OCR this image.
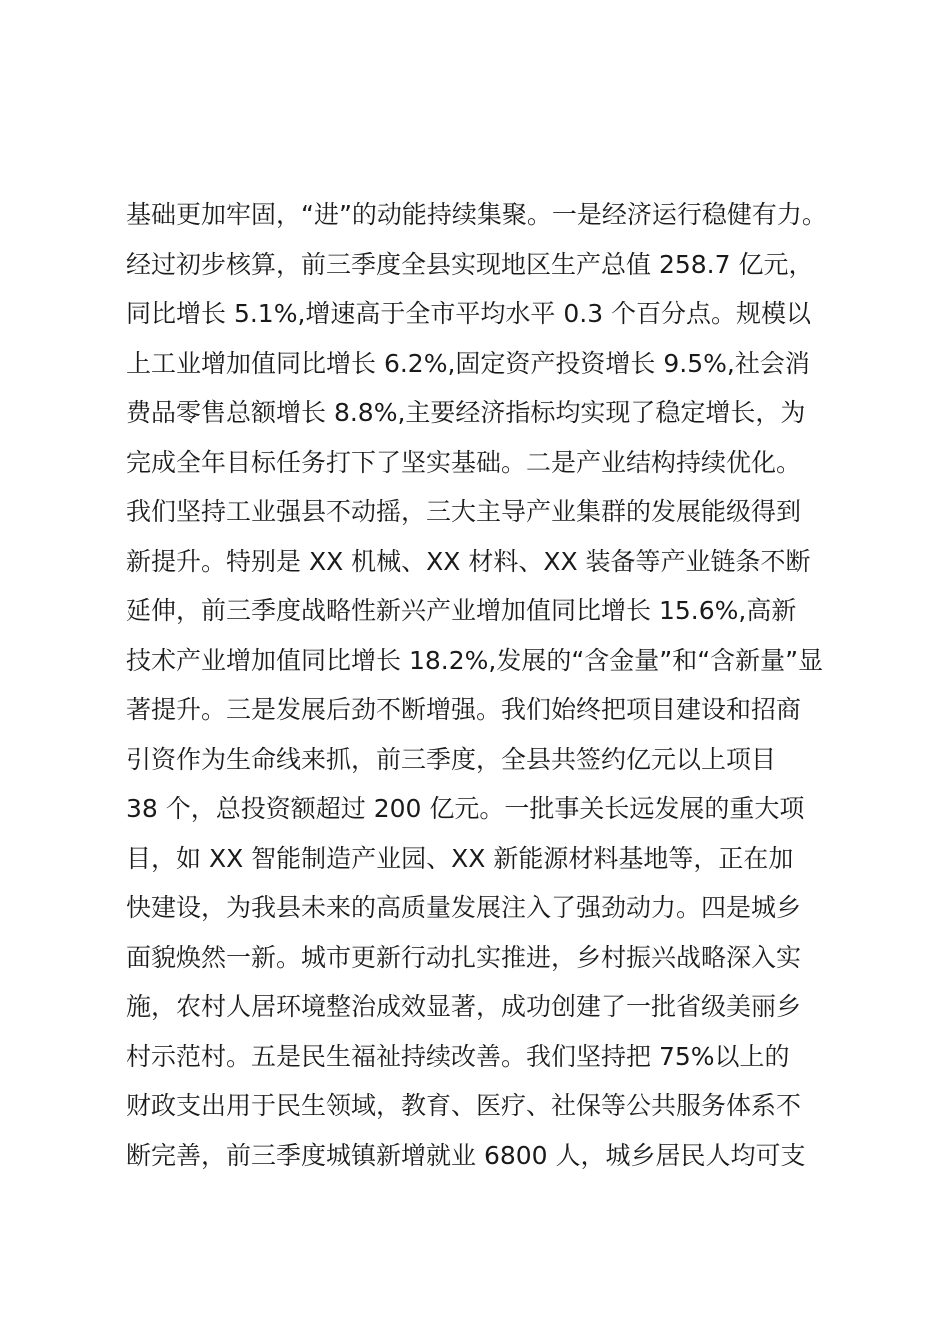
基础更加牢固，“进”的动能持续集聚。一是经济运行稳健有力。
经过初步核算，前三季度全县实现地区生产总值 258.7 亿元，
同比增长 5.1%,增速高于全市平均水平 0.3 个百分点。规模以
上工业增加值同比增长 6.2%,固定资产投资增长 9.5%,社会消
费品零售总额增长 8.8%,主要经济指标均实现了稳定增长，为
完成全年目标任务打下了坚实基础。二是产业结构持续优化。
我们坚持工业强县不动摇，三大主导产业集群的发展能级得到
新提升。特别是 XX 机械、XX 材料、XX 装备等产业链条不断
延伸，前三季度战略性新兴产业增加值同比增长 15.6%,高新
技术产业增加值同比增长 18.2%,发展的“含金量”和“含新量”显
著提升。三是发展后劲不断增强。我们始终把项目建设和招商
引资作为生命线来抓，前三季度，全县共签约亿元以上项目
38 个，总投资额超过 200 亿元。一批事关长远发展的重大项
目，如 XX 智能制造产业园、XX 新能源材料基地等，正在加
快建设，为我县未来的高质量发展注入了强劲动力。四是城乡
面貌焕然一新。城市更新行动扎实推进，乡村振兴战略深入实
施，农村人居环境整治成效显著，成功创建了一批省级美丽乡
村示范村。五是民生福祉持续改善。我们坚持把 75%以上的
财政支出用于民生领域，教育、医疗、社保等公共服务体系不
断完善，前三季度城镇新增就业 6800 人，城乡居民人均可支
